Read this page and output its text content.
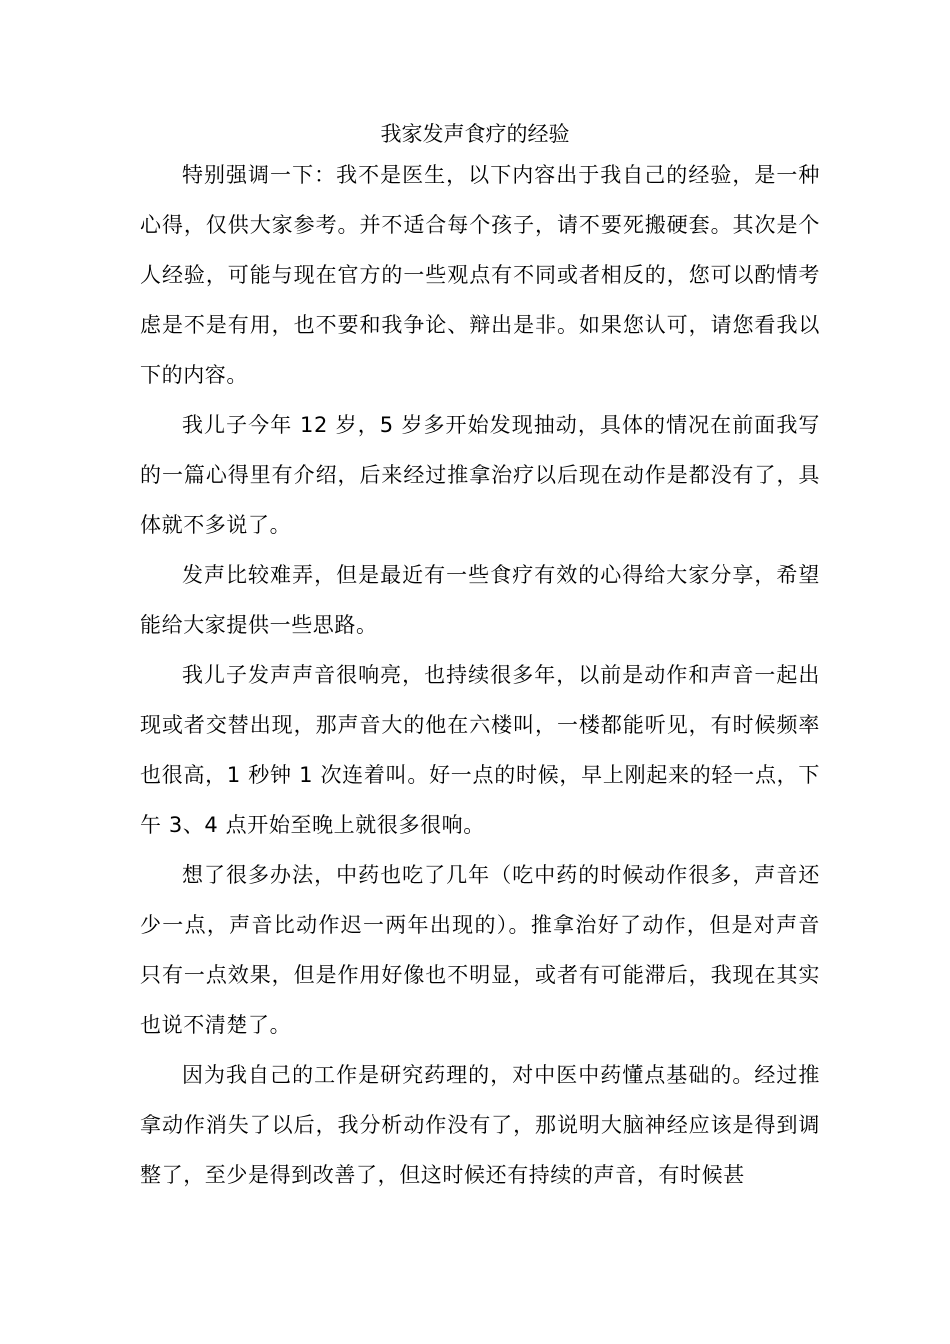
我家发声食疗的经验

特别强调一下：我不是医生，以下内容出于我自己的经验，是一种心得，仅供大家参考。并不适合每个孩子，请不要死搬硬套。其次是个人经验，可能与现在官方的一些观点有不同或者相反的，您可以酌情考虑是不是有用，也不要和我争论、辩出是非。如果您认可，请您看我以下的内容。

我儿子今年 12 岁，5 岁多开始发现抽动，具体的情况在前面我写的一篇心得里有介绍，后来经过推拿治疗以后现在动作是都没有了，具体就不多说了。

发声比较难弄，但是最近有一些食疗有效的心得给大家分享，希望能给大家提供一些思路。

我儿子发声声音很响亮，也持续很多年，以前是动作和声音一起出现或者交替出现，那声音大的他在六楼叫，一楼都能听见，有时候频率也很高，1 秒钟 1 次连着叫。好一点的时候，早上刚起来的轻一点，下午 3、4 点开始至晚上就很多很响。

想了很多办法，中药也吃了几年（吃中药的时候动作很多，声音还少一点，声音比动作迟一两年出现的）。推拿治好了动作，但是对声音只有一点效果，但是作用好像也不明显，或者有可能滞后，我现在其实也说不清楚了。

因为我自己的工作是研究药理的，对中医中药懂点基础的。经过推拿动作消失了以后，我分析动作没有了，那说明大脑神经应该是得到调整了，至少是得到改善了，但这时候还有持续的声音，有时候甚
